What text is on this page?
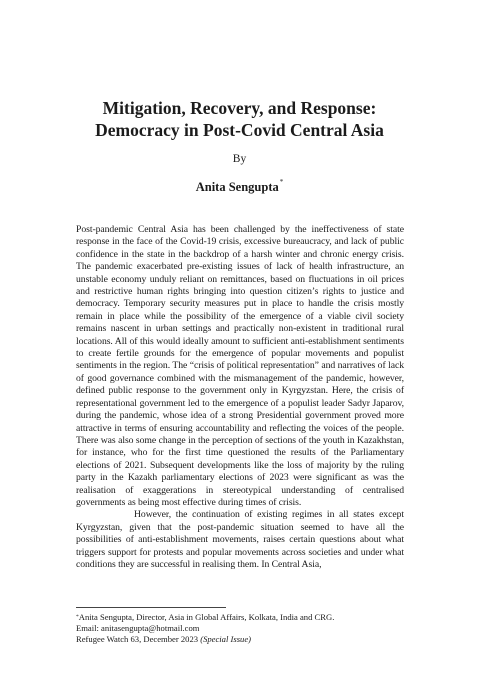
Mitigation, Recovery, and Response:
Democracy in Post-Covid Central Asia
By
Anita Sengupta*

Post-pandemic Central Asia has been challenged by the ineffectiveness of state response in the face of the Covid-19 crisis, excessive bureaucracy, and lack of public confidence in the state in the backdrop of a harsh winter and chronic energy crisis. The pandemic exacerbated pre-existing issues of lack of health infrastructure, an unstable economy unduly reliant on remittances, based on fluctuations in oil prices and restrictive human rights bringing into question citizen’s rights to justice and democracy. Temporary security measures put in place to handle the crisis mostly remain in place while the possibility of the emergence of a viable civil society remains nascent in urban settings and practically non-existent in traditional rural locations. All of this would ideally amount to sufficient anti-establishment sentiments to create fertile grounds for the emergence of popular movements and populist sentiments in the region. The “crisis of political representation” and narratives of lack of good governance combined with the mismanagement of the pandemic, however, defined public response to the government only in Kyrgyzstan. Here, the crisis of representational government led to the emergence of a populist leader Sadyr Japarov, during the pandemic, whose idea of a strong Presidential government proved more attractive in terms of ensuring accountability and reflecting the voices of the people. There was also some change in the perception of sections of the youth in Kazakhstan, for instance, who for the first time questioned the results of the Parliamentary elections of 2021. Subsequent developments like the loss of majority by the ruling party in the Kazakh parliamentary elections of 2023 were significant as was the realisation of exaggerations in stereotypical understanding of centralised governments as being most effective during times of crisis.

However, the continuation of existing regimes in all states except Kyrgyzstan, given that the post-pandemic situation seemed to have all the possibilities of anti-establishment movements, raises certain questions about what triggers support for protests and popular movements across societies and under what conditions they are successful in realising them. In Central Asia,

*Anita Sengupta, Director, Asia in Global Affairs, Kolkata, India and CRG.
Email: anitasengupta@hotmail.com
Refugee Watch 63, December 2023 (Special Issue)
